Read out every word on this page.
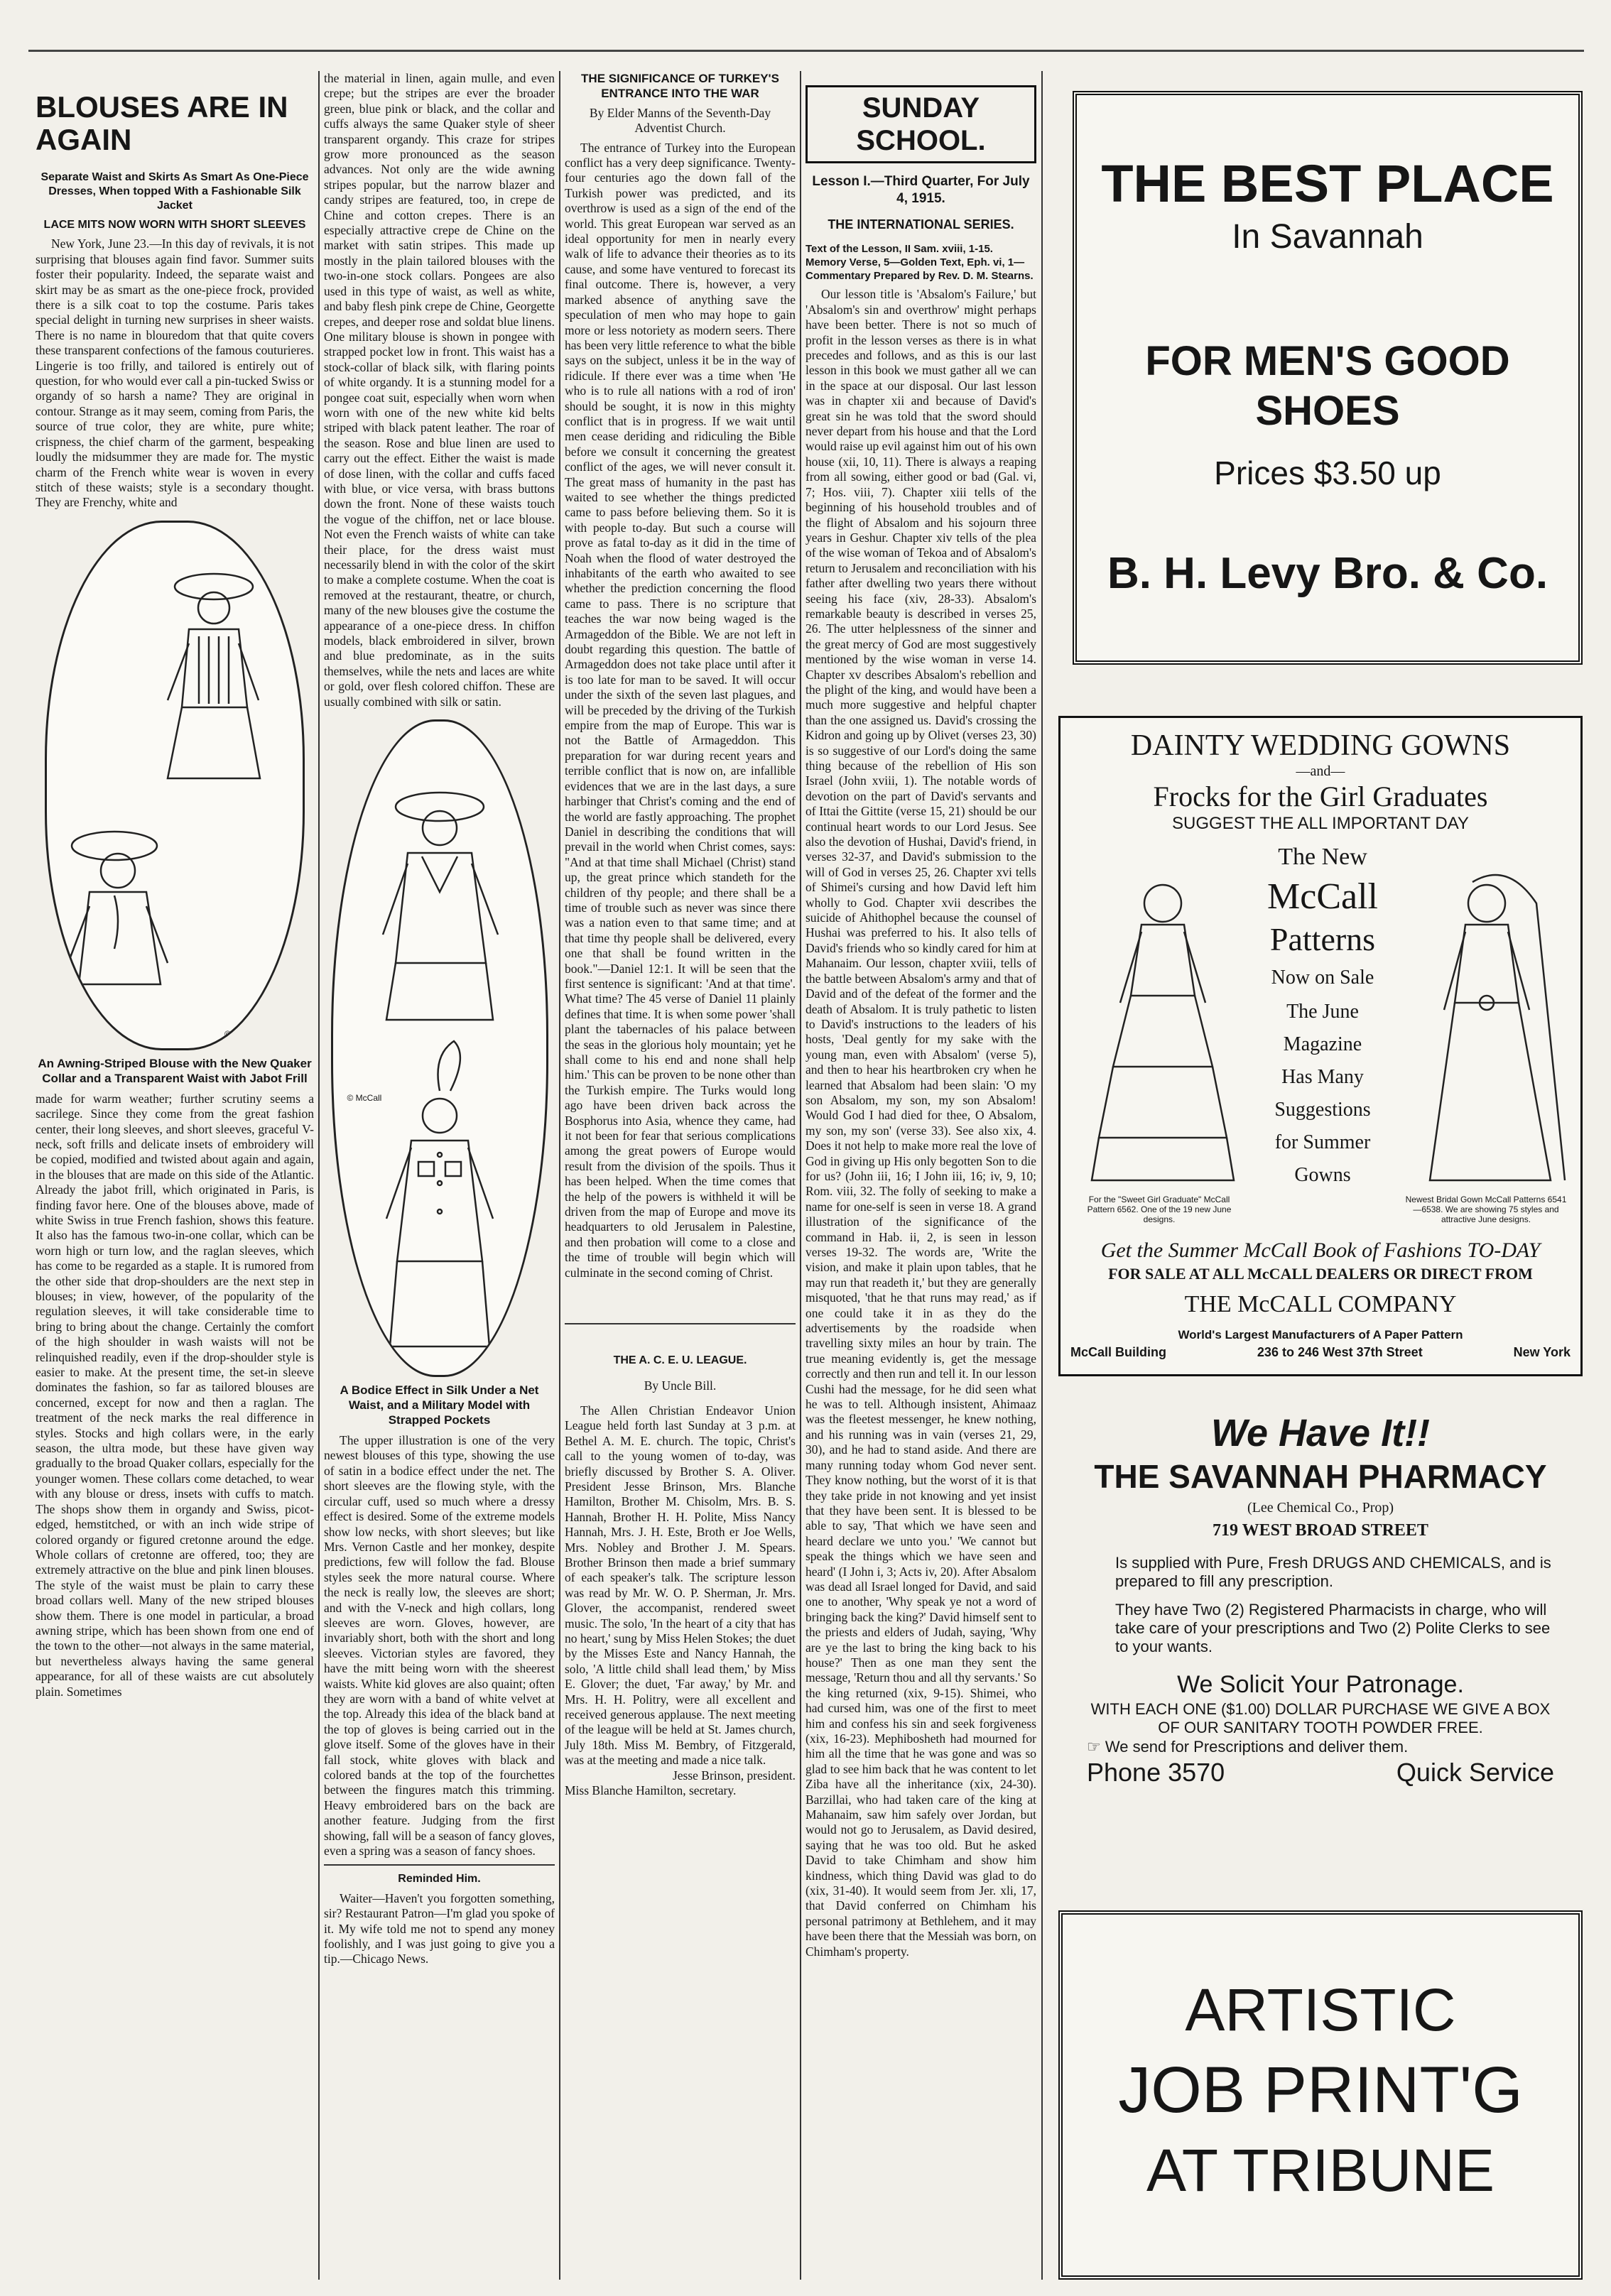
BLOUSES ARE IN AGAIN
Separate Waist and Skirts As Smart As One-Piece Dresses, When topped With a Fashionable Silk Jacket
LACE MITS NOW WORN WITH SHORT SLEEVES

New York, June 23.—In this day of revivals, it is not surprising that blouses again find favor. Summer suits foster their popularity. Indeed, the separate waist and skirt may be as smart as the one-piece frock, provided there is a silk coat to top the costume. Paris takes special delight in turning new surprises in sheer waists. There is no name in blouredom that that quite covers these transparent confections of the famous couturieres. Lingerie is too frilly, and tailored is entirely out of question, for who would ever call a pin-tucked Swiss or organdy of so harsh a name? They are original in contour. Strange as it may seem, coming from Paris, the source of true color, they are white, pure white; crispness, the chief charm of the garment, bespeaking loudly the midsummer they are made for. The mystic charm of the French white wear is woven in every stitch of these waists; style is a secondary thought. They are Frenchy, white and

© McCall
An Awning-Striped Blouse with the New Quaker Collar and a Transparent Waist with Jabot Frill

made for warm weather; further scrutiny seems a sacrilege. Since they come from the great fashion center, their long sleeves, and short sleeves, graceful V-neck, soft frills and delicate insets of embroidery will be copied, modified and twisted about again and again, in the blouses that are made on this side of the Atlantic. Already the jabot frill, which originated in Paris, is finding favor here. One of the blouses above, made of white Swiss in true French fashion, shows this feature. It also has the famous two-in-one collar, which can be worn high or turn low, and the raglan sleeves, which has come to be regarded as a staple. It is rumored from the other side that drop-shoulders are the next step in blouses; in view, however, of the popularity of the regulation sleeves, it will take considerable time to bring to bring about the change. Certainly the comfort of the high shoulder in wash waists will not be relinquished readily, even if the drop-shoulder style is easier to make. At the present time, the set-in sleeve dominates the fashion, so far as tailored blouses are concerned, except for now and then a raglan. The treatment of the neck marks the real difference in styles. Stocks and high collars were, in the early season, the ultra mode, but these have given way gradually to the broad Quaker collars, especially for the younger women. These collars come detached, to wear with any blouse or dress, insets with cuffs to match. The shops show them in organdy and Swiss, picot-edged, hemstitched, or with an inch wide stripe of colored organdy or figured cretonne around the edge. Whole collars of cretonne are offered, too; they are extremely attractive on the blue and pink linen blouses. The style of the waist must be plain to carry these broad collars well. Many of the new striped blouses show them. There is one model in particular, a broad awning stripe, which has been shown from one end of the town to the other—not always in the same material, but nevertheless always having the same general appearance, for all of these waists are cut absolutely plain. Sometimes

the material in linen, again mulle, and even crepe; but the stripes are ever the broader green, blue pink or black, and the collar and cuffs always the same Quaker style of sheer transparent organdy. This craze for stripes grow more pronounced as the season advances. Not only are the wide awning stripes popular, but the narrow blazer and candy stripes are featured, too, in crepe de Chine and cotton crepes. There is an especially attractive crepe de Chine on the market with satin stripes. This made up mostly in the plain tailored blouses with the two-in-one stock collars. Pongees are also used in this type of waist, as well as white, and baby flesh pink crepe de Chine, Georgette crepes, and deeper rose and soldat blue linens. One military blouse is shown in pongee with strapped pocket low in front. This waist has a stock-collar of black silk, with flaring points of white organdy. It is a stunning model for a pongee coat suit, especially when worn when worn with one of the new white kid belts striped with black patent leather. The roar of the season. Rose and blue linen are used to carry out the effect. Either the waist is made of dose linen, with the collar and cuffs faced with blue, or vice versa, with brass buttons down the front. None of these waists touch the vogue of the chiffon, net or lace blouse. Not even the French waists of white can take their place, for the dress waist must necessarily blend in with the color of the skirt to make a complete costume. When the coat is removed at the restaurant, theatre, or church, many of the new blouses give the costume the appearance of a one-piece dress. In chiffon models, black embroidered in silver, brown and blue predominate, as in the suits themselves, while the nets and laces are white or gold, over flesh colored chiffon. These are usually combined with silk or satin.

© McCall
A Bodice Effect in Silk Under a Net Waist, and a Military Model with Strapped Pockets

The upper illustration is one of the very newest blouses of this type, showing the use of satin in a bodice effect under the net. The short sleeves are the flowing style, with the circular cuff, used so much where a dressy effect is desired. Some of the extreme models show low necks, with short sleeves; but like Mrs. Vernon Castle and her monkey, despite predictions, few will follow the fad. Blouse styles seek the more natural course. Where the neck is really low, the sleeves are short; and with the V-neck and high collars, long sleeves are worn. Gloves, however, are invariably short, both with the short and long sleeves. Victorian styles are favored, they have the mitt being worn with the sheerest waists. White kid gloves are also quaint; often they are worn with a band of white velvet at the top. Already this idea of the black band at the top of gloves is being carried out in the glove itself. Some of the gloves have in their fall stock, white gloves with black and colored bands at the top of the fourchettes between the fingures match this trimming. Heavy embroidered bars on the back are another feature. Judging from the first showing, fall will be a season of fancy gloves, even a spring was a season of fancy shoes.

Reminded Him.

Waiter—Haven't you forgotten something, sir? Restaurant Patron—I'm glad you spoke of it. My wife told me not to spend any money foolishly, and I was just going to give you a tip.—Chicago News.

THE SIGNIFICANCE OF TURKEY'S ENTRANCE INTO THE WAR
By Elder Manns of the Seventh-Day Adventist Church.

The entrance of Turkey into the European conflict has a very deep significance. Twenty-four centuries ago the down fall of the Turkish power was predicted, and its overthrow is used as a sign of the end of the world. This great European war served as an ideal opportunity for men in nearly every walk of life to advance their theories as to its cause, and some have ventured to forecast its final outcome. There is, however, a very marked absence of anything save the speculation of men who may hope to gain more or less notoriety as modern seers. There has been very little reference to what the bible says on the subject, unless it be in the way of ridicule. If there ever was a time when 'He who is to rule all nations with a rod of iron' should be sought, it is now in this mighty conflict that is in progress. If we wait until men cease deriding and ridiculing the Bible before we consult it concerning the greatest conflict of the ages, we will never consult it. The great mass of humanity in the past has waited to see whether the things predicted came to pass before believing them. So it is with people to-day. But such a course will prove as fatal to-day as it did in the time of Noah when the flood of water destroyed the inhabitants of the earth who awaited to see whether the prediction concerning the flood came to pass. There is no scripture that teaches the war now being waged is the Armageddon of the Bible. We are not left in doubt regarding this question. The battle of Armageddon does not take place until after it is too late for man to be saved. It will occur under the sixth of the seven last plagues, and will be preceded by the driving of the Turkish empire from the map of Europe. This war is not the Battle of Armageddon. This preparation for war during recent years and terrible conflict that is now on, are infallible evidences that we are in the last days, a sure harbinger that Christ's coming and the end of the world are fastly approaching. The prophet Daniel in describing the conditions that will prevail in the world when Christ comes, says: "And at that time shall Michael (Christ) stand up, the great prince which standeth for the children of thy people; and there shall be a time of trouble such as never was since there was a nation even to that same time; and at that time thy people shall be delivered, every one that shall be found written in the book."—Daniel 12:1. It will be seen that the first sentence is significant: 'And at that time'. What time? The 45 verse of Daniel 11 plainly defines that time. It is when some power 'shall plant the tabernacles of his palace between the seas in the glorious holy mountain; yet he shall come to his end and none shall help him.' This can be proven to be none other than the Turkish empire. The Turks would long ago have been driven back across the Bosphorus into Asia, whence they came, had it not been for fear that serious complications among the great powers of Europe would result from the division of the spoils. Thus it has been helped. When the time comes that the help of the powers is withheld it will be driven from the map of Europe and move its headquarters to old Jerusalem in Palestine, and then probation will come to a close and the time of trouble will begin which will culminate in the second coming of Christ.

THE A. C. E. U. LEAGUE.
By Uncle Bill.

The Allen Christian Endeavor Union League held forth last Sunday at 3 p.m. at Bethel A. M. E. church. The topic, Christ's call to the young women of to-day, was briefly discussed by Brother S. A. Oliver. President Jesse Brinson, Mrs. Blanche Hamilton, Brother M. Chisolm, Mrs. B. S. Hannah, Brother H. H. Polite, Miss Nancy Hannah, Mrs. J. H. Este, Broth er Joe Wells, Mrs. Nobley and Brother J. M. Spears. Brother Brinson then made a brief summary of each speaker's talk. The scripture lesson was read by Mr. W. O. P. Sherman, Jr. Mrs. Glover, the accompanist, rendered sweet music. The solo, 'In the heart of a city that has no heart,' sung by Miss Helen Stokes; the duet by the Misses Este and Nancy Hannah, the solo, 'A little child shall lead them,' by Miss E. Glover; the duet, 'Far away,' by Mr. and Mrs. H. H. Politry, were all excellent and received generous applause. The next meeting of the league will be held at St. James church, July 18th. Miss M. Bembry, of Fitzgerald, was at the meeting and made a nice talk.

Jesse Brinson, president.
Miss Blanche Hamilton, secretary.
SUNDAY SCHOOL.
Lesson I.—Third Quarter, For July 4, 1915.
THE INTERNATIONAL SERIES.
Text of the Lesson, II Sam. xviii, 1-15. Memory Verse, 5—Golden Text, Eph. vi, 1—Commentary Prepared by Rev. D. M. Stearns.

Our lesson title is 'Absalom's Failure,' but 'Absalom's sin and overthrow' might perhaps have been better. There is not so much of profit in the lesson verses as there is in what precedes and follows, and as this is our last lesson in this book we must gather all we can in the space at our disposal. Our last lesson was in chapter xii and because of David's great sin he was told that the sword should never depart from his house and that the Lord would raise up evil against him out of his own house (xii, 10, 11). There is always a reaping from all sowing, either good or bad (Gal. vi, 7; Hos. viii, 7). Chapter xiii tells of the beginning of his household troubles and of the flight of Absalom and his sojourn three years in Geshur. Chapter xiv tells of the plea of the wise woman of Tekoa and of Absalom's return to Jerusalem and reconciliation with his father after dwelling two years there without seeing his face (xiv, 28-33). Absalom's remarkable beauty is described in verses 25, 26. The utter helplessness of the sinner and the great mercy of God are most suggestively mentioned by the wise woman in verse 14. Chapter xv describes Absalom's rebellion and the plight of the king, and would have been a much more suggestive and helpful chapter than the one assigned us. David's crossing the Kidron and going up by Olivet (verses 23, 30) is so suggestive of our Lord's doing the same thing because of the rebellion of His son Israel (John xviii, 1). The notable words of devotion on the part of David's servants and of Ittai the Gittite (verse 15, 21) should be our continual heart words to our Lord Jesus. See also the devotion of Hushai, David's friend, in verses 32-37, and David's submission to the will of God in verses 25, 26. Chapter xvi tells of Shimei's cursing and how David left him wholly to God. Chapter xvii describes the suicide of Ahithophel because the counsel of Hushai was preferred to his. It also tells of David's friends who so kindly cared for him at Mahanaim. Our lesson, chapter xviii, tells of the battle between Absalom's army and that of David and of the defeat of the former and the death of Absalom. It is truly pathetic to listen to David's instructions to the leaders of his hosts, 'Deal gently for my sake with the young man, even with Absalom' (verse 5), and then to hear his heartbroken cry when he learned that Absalom had been slain: 'O my son Absalom, my son, my son Absalom! Would God I had died for thee, O Absalom, my son, my son' (verse 33). See also xix, 4. Does it not help to make more real the love of God in giving up His only begotten Son to die for us? (John iii, 16; I John iii, 16; iv, 9, 10; Rom. viii, 32. The folly of seeking to make a name for one-self is seen in verse 18. A grand illustration of the significance of the command in Hab. ii, 2, is seen in lesson verses 19-32. The words are, 'Write the vision, and make it plain upon tables, that he may run that readeth it,' but they are generally misquoted, 'that he that runs may read,' as if one could take it in as they do the advertisements by the roadside when travelling sixty miles an hour by train. The true meaning evidently is, get the message correctly and then run and tell it. In our lesson Cushi had the message, for he did seen what he was to tell. Although insistent, Ahimaaz was the fleetest messenger, he knew nothing, and his running was in vain (verses 21, 29, 30), and he had to stand aside. And there are many running today whom God never sent. They know nothing, but the worst of it is that they take pride in not knowing and yet insist that they have been sent. It is blessed to be able to say, 'That which we have seen and heard declare we unto you.' 'We cannot but speak the things which we have seen and heard' (I John i, 3; Acts iv, 20). After Absalom was dead all Israel longed for David, and said one to another, 'Why speak ye not a word of bringing back the king?' David himself sent to the priests and elders of Judah, saying, 'Why are ye the last to bring the king back to his house?' Then as one man they sent the message, 'Return thou and all thy servants.' So the king returned (xix, 9-15). Shimei, who had cursed him, was one of the first to meet him and confess his sin and seek forgiveness (xix, 16-23). Mephibosheth had mourned for him all the time that he was gone and was so glad to see him back that he was content to let Ziba have all the inheritance (xix, 24-30). Barzillai, who had taken care of the king at Mahanaim, saw him safely over Jordan, but would not go to Jerusalem, as David desired, saying that he was too old. But he asked David to take Chimham and show him kindness, which thing David was glad to do (xix, 31-40). It would seem from Jer. xli, 17, that David conferred on Chimham his personal patrimony at Bethlehem, and it may have been there that the Messiah was born, on Chimham's property.

THE BEST PLACE
In Savannah
FOR MEN'S GOOD SHOES
Prices $3.50 up
B. H. Levy Bro. & Co.
DAINTY WEDDING GOWNS
—and—
Frocks for the Girl Graduates
SUGGEST THE ALL IMPORTANT DAY
The New
McCall
Patterns
Now on Sale
The June
Magazine
Has Many
Suggestions
for Summer
Gowns
For the "Sweet Girl Graduate" McCall Pattern 6562. One of the 19 new June designs.
Newest Bridal Gown McCall Patterns 6541—6538. We are showing 75 styles and attractive June designs.
Get the Summer McCall Book of Fashions TO-DAY
FOR SALE AT ALL McCALL DEALERS OR DIRECT FROM
THE McCALL COMPANY
World's Largest Manufacturers of A Paper Pattern
McCall Building	236 to 246 West 37th Street	New York
We Have It!!
THE SAVANNAH PHARMACY
(Lee Chemical Co., Prop)
719 WEST BROAD STREET
Is supplied with Pure, Fresh DRUGS AND CHEMICALS, and is prepared to fill any prescription.
They have Two (2) Registered Pharmacists in charge, who will take care of your prescriptions and Two (2) Polite Clerks to see to your wants.
We Solicit Your Patronage.
WITH EACH ONE ($1.00) DOLLAR PURCHASE WE GIVE A BOX OF OUR SANITARY TOOTH POWDER FREE.
☞ We send for Prescriptions and deliver them.
Phone 3570	Quick Service
ARTISTIC
JOB PRINT'G
AT TRIBUNE
